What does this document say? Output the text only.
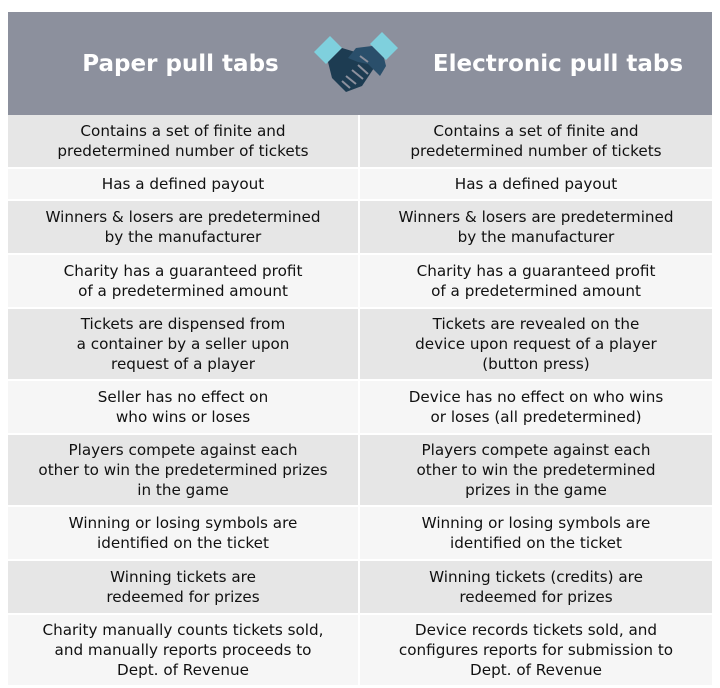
Paper pull tabs	Electronic pull tabs
Contains a set of finite and
predetermined number of tickets
Contains a set of finite and
predetermined number of tickets
Has a defined payout	Has a defined payout
Winners & losers are predetermined
by the manufacturer
Winners & losers are predetermined
by the manufacturer
Charity has a guaranteed profit
of a predetermined amount
Charity has a guaranteed profit
of a predetermined amount
Tickets are dispensed from
a container by a seller upon
request of a player
Tickets are revealed on the
device upon request of a player
(button press)
Seller has no effect on
who wins or loses
Device has no effect on who wins
or loses (all predetermined)
Players compete against each
other to win the predetermined prizes
in the game
Players compete against each
other to win the predetermined
prizes in the game
Winning or losing symbols are
identified on the ticket
Winning or losing symbols are
identified on the ticket
Winning tickets are
redeemed for prizes
Winning tickets (credits) are
redeemed for prizes
Charity manually counts tickets sold,
and manually reports proceeds to
Dept. of Revenue
Device records tickets sold, and
configures reports for submission to
Dept. of Revenue
